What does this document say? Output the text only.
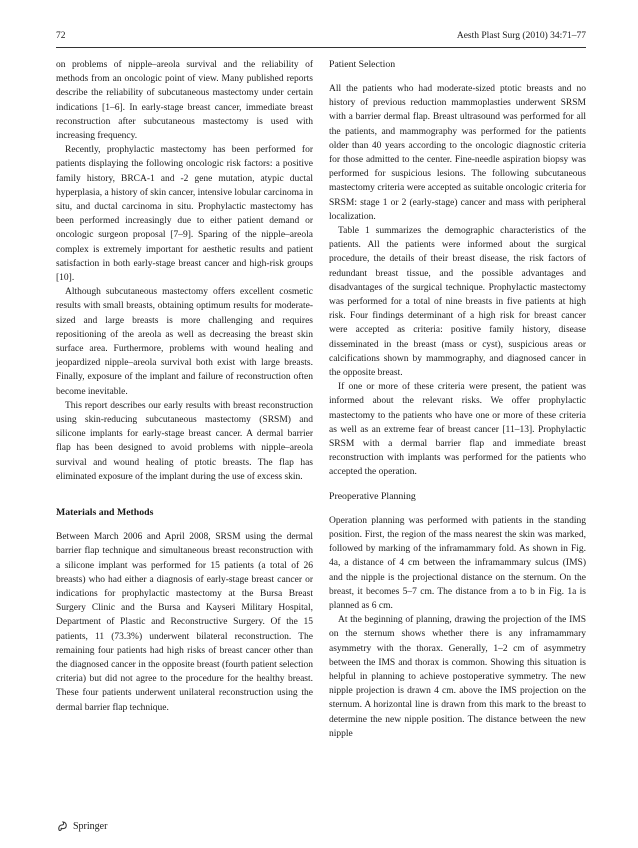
72	Aesth Plast Surg (2010) 34:71–77

on problems of nipple–areola survival and the reliability of methods from an oncologic point of view. Many published reports describe the reliability of subcutaneous mastectomy under certain indications [1–6]. In early-stage breast cancer, immediate breast reconstruction after subcutaneous mastectomy is used with increasing frequency.

Recently, prophylactic mastectomy has been performed for patients displaying the following oncologic risk factors: a positive family history, BRCA-1 and -2 gene mutation, atypic ductal hyperplasia, a history of skin cancer, intensive lobular carcinoma in situ, and ductal carcinoma in situ. Prophylactic mastectomy has been performed increasingly due to either patient demand or oncologic surgeon proposal [7–9]. Sparing of the nipple–areola complex is extremely important for aesthetic results and patient satisfaction in both early-stage breast cancer and high-risk groups [10].

Although subcutaneous mastectomy offers excellent cosmetic results with small breasts, obtaining optimum results for moderate-sized and large breasts is more challenging and requires repositioning of the areola as well as decreasing the breast skin surface area. Furthermore, problems with wound healing and jeopardized nipple–areola survival both exist with large breasts. Finally, exposure of the implant and failure of reconstruction often become inevitable.

This report describes our early results with breast reconstruction using skin-reducing subcutaneous mastectomy (SRSM) and silicone implants for early-stage breast cancer. A dermal barrier flap has been designed to avoid problems with nipple–areola survival and wound healing of ptotic breasts. The flap has eliminated exposure of the implant during the use of excess skin.

Materials and Methods

Between March 2006 and April 2008, SRSM using the dermal barrier flap technique and simultaneous breast reconstruction with a silicone implant was performed for 15 patients (a total of 26 breasts) who had either a diagnosis of early-stage breast cancer or indications for prophylactic mastectomy at the Bursa Breast Surgery Clinic and the Bursa and Kayseri Military Hospital, Department of Plastic and Reconstructive Surgery. Of the 15 patients, 11 (73.3%) underwent bilateral reconstruction. The remaining four patients had high risks of breast cancer other than the diagnosed cancer in the opposite breast (fourth patient selection criteria) but did not agree to the procedure for the healthy breast. These four patients underwent unilateral reconstruction using the dermal barrier flap technique.

Patient Selection

All the patients who had moderate-sized ptotic breasts and no history of previous reduction mammoplasties underwent SRSM with a barrier dermal flap. Breast ultrasound was performed for all the patients, and mammography was performed for the patients older than 40 years according to the oncologic diagnostic criteria for those admitted to the center. Fine-needle aspiration biopsy was performed for suspicious lesions. The following subcutaneous mastectomy criteria were accepted as suitable oncologic criteria for SRSM: stage 1 or 2 (early-stage) cancer and mass with peripheral localization.

Table 1 summarizes the demographic characteristics of the patients. All the patients were informed about the surgical procedure, the details of their breast disease, the risk factors of redundant breast tissue, and the possible advantages and disadvantages of the surgical technique. Prophylactic mastectomy was performed for a total of nine breasts in five patients at high risk. Four findings determinant of a high risk for breast cancer were accepted as criteria: positive family history, disease disseminated in the breast (mass or cyst), suspicious areas or calcifications shown by mammography, and diagnosed cancer in the opposite breast.

If one or more of these criteria were present, the patient was informed about the relevant risks. We offer prophylactic mastectomy to the patients who have one or more of these criteria as well as an extreme fear of breast cancer [11–13]. Prophylactic SRSM with a dermal barrier flap and immediate breast reconstruction with implants was performed for the patients who accepted the operation.

Preoperative Planning

Operation planning was performed with patients in the standing position. First, the region of the mass nearest the skin was marked, followed by marking of the inframammary fold. As shown in Fig. 4a, a distance of 4 cm between the inframammary sulcus (IMS) and the nipple is the projectional distance on the sternum. On the breast, it becomes 5–7 cm. The distance from a to b in Fig. 1a is planned as 6 cm.

At the beginning of planning, drawing the projection of the IMS on the sternum shows whether there is any inframammary asymmetry with the thorax. Generally, 1–2 cm of asymmetry between the IMS and thorax is common. Showing this situation is helpful in planning to achieve postoperative symmetry. The new nipple projection is drawn 4 cm. above the IMS projection on the sternum. A horizontal line is drawn from this mark to the breast to determine the new nipple position. The distance between the new nipple

Springer
